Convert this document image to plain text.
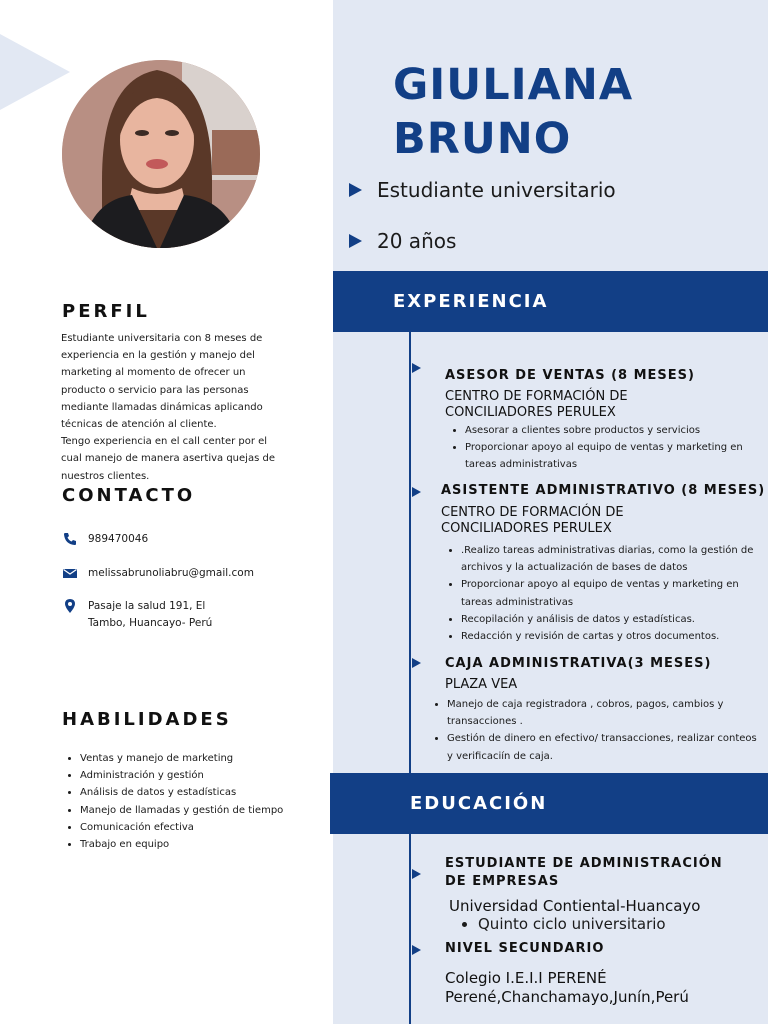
PERFIL

Estudiante universitaria con 8 meses de experiencia en la gestión y manejo del marketing al momento de ofrecer un producto o servicio para las personas mediante llamadas dinámicas aplicando técnicas de atención al cliente.

Tengo experiencia en el call center por el cual manejo de manera asertiva quejas de nuestros clientes.

CONTACTO
989470046
melissabrunoliabru@gmail.com
Pasaje la salud 191, El
Tambo, Huancayo- Perú
HABILIDADES
• Ventas y manejo de marketing
• Administración y gestión
• Análisis de datos y estadísticas
• Manejo de llamadas y gestión de tiempo
• Comunicación efectiva
• Trabajo en equipo
GIULIANA
BRUNO
Estudiante universitario
20 años
EXPERIENCIA
ASESOR DE VENTAS (8 MESES)
CENTRO DE FORMACIÓN DE
CONCILIADORES PERULEX
• Asesorar a clientes sobre productos y servicios
• Proporcionar apoyo al equipo de ventas y marketing en tareas administrativas
ASISTENTE ADMINISTRATIVO (8 MESES)
CENTRO DE FORMACIÓN DE
CONCILIADORES PERULEX
• .Realizo tareas administrativas diarias, como la gestión de archivos y la actualización de bases de datos
• Proporcionar apoyo al equipo de ventas y marketing en tareas administrativas
• Recopilación y análisis de datos y estadísticas.
• Redacción y revisión de cartas y otros documentos.
CAJA ADMINISTRATIVA(3 MESES)
PLAZA VEA
• Manejo de caja registradora , cobros, pagos, cambios y transacciones .
• Gestión de dinero en efectivo/ transacciones, realizar conteos y verificaciín de caja.
EDUCACIÓN
ESTUDIANTE DE ADMINISTRACIÓN
DE EMPRESAS
Universidad Contiental-Huancayo
• Quinto ciclo universitario
NIVEL SECUNDARIO
Colegio I.E.I.I PERENÉ
Perené,Chanchamayo,Junín,Perú
